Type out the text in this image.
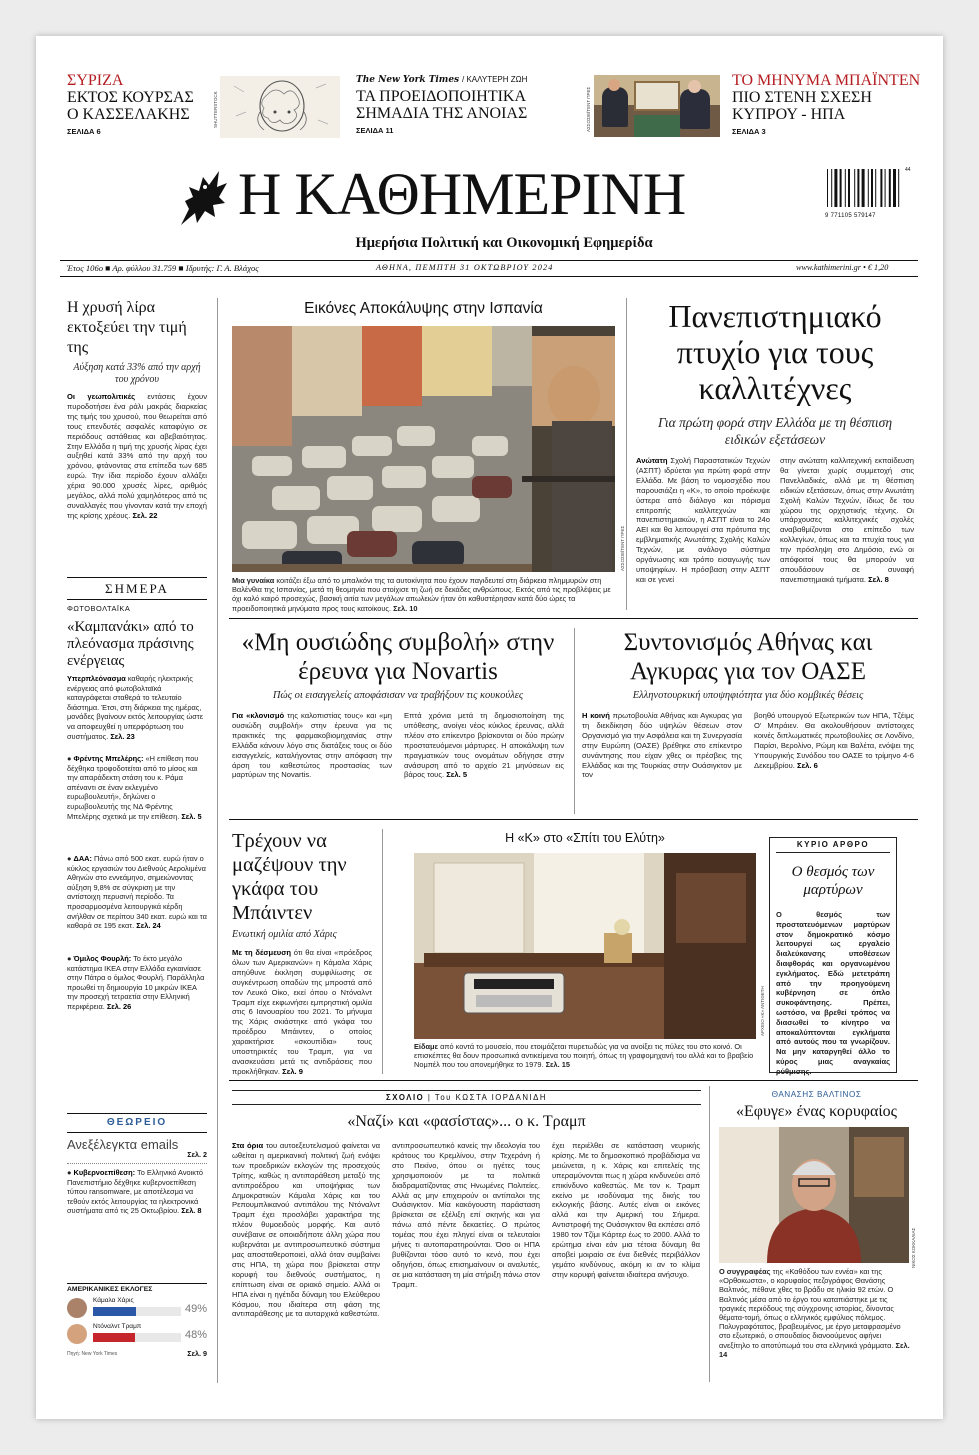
ΣΥΡΙΖΑ
ΕΚΤΟΣ ΚΟΥΡΣΑΣ
Ο ΚΑΣΣΕΛΑΚΗΣ
ΣΕΛΙΔΑ 6
SHUTTERSTOCK
The New York Times / ΚΑΛΥΤΕΡΗ ΖΩΗ
ΤΑ ΠΡΟΕΙΔΟΠΟΙΗΤΙΚΑ
ΣΗΜΑΔΙΑ ΤΗΣ ΑΝΟΙΑΣ
ΣΕΛΙΔΑ 11	ΑΣΣΟΣΙΕΪΤΕΝΤ ΠΡΕΣ
ΤΟ ΜΗΝΥΜΑ ΜΠΑΪΝΤΕΝ
ΠΙΟ ΣΤΕΝΗ ΣΧΕΣΗ
ΚΥΠΡΟΥ - ΗΠΑ
ΣΕΛΙΔΑ 3
Η ΚΑΘΗΜΕΡΙΝΗ
Ημερήσια Πολιτική και Οικονομική Εφημερίδα
44
9 771105 579147
Έτος 106ο ■ Αρ. φύλλου 31.759 ■ Ιδρυτής: Γ. Α. Βλάχος	ΑΘΗΝΑ, ΠΕΜΠΤΗ 31 ΟΚΤΩΒΡΙΟΥ 2024	www.kathimerini.gr • € 1,20
Η χρυσή λίρα εκτοξεύει την τιμή της
Αύξηση κατά 33% από την αρχή του χρόνου
Οι γεωπολιτικές εντάσεις έχουν πυροδοτήσει ένα ράλι μακράς διαρκείας της τιμής του χρυσού, που θεωρείται από τους επενδυτές ασφαλές καταφύγιο σε περιόδους αστάθειας και αβεβαιότητας. Στην Ελλάδα η τιμή της χρυσής λίρας έχει αυξηθεί κατά 33% από την αρχή του χρόνου, φτάνοντας στα επίπεδα των 685 ευρώ. Την ίδια περίοδο έχουν αλλάξει χέρια 90.000 χρυσές λίρες, αριθμός μεγάλος, αλλά πολύ χαμηλότερος από τις συναλλαγές που γίνονταν κατά την εποχή της κρίσης χρέους. Σελ. 22
ΣΗΜΕΡΑ
ΦΩΤΟΒΟΛΤΑΪΚΑ
«Καμπανάκι» από το πλεόνασμα πράσινης ενέργειας
Υπερπλεόνασμα καθαρής ηλεκτρικής ενέργειας από φωτοβολταϊκά καταγράφεται σταθερά το τελευταίο διάστημα. Έτσι, στη διάρκεια της ημέρας, μονάδες βγαίνουν εκτός λειτουργίας ώστε να αποφευχθεί η υπερφόρτωση του συστήματος. Σελ. 23
● Φρέντης Μπελέρης: «Η επίθεση που δέχθηκα τροφοδοτείται από το μίσος και την απαράδεκτη στάση του κ. Ράμα απέναντι σε έναν εκλεγμένο ευρωβουλευτή», δηλώνει ο ευρωβουλευτής της ΝΔ Φρέντης Μπελέρης σχετικά με την επίθεση. Σελ. 5
● ΔΑΑ: Πάνω από 500 εκατ. ευρώ ήταν ο κύκλος εργασιών του Διεθνούς Αερολιμένα Αθηνών στο εννεάμηνο, σημειώνοντας αύξηση 9,8% σε σύγκριση με την αντίστοιχη περυσινή περίοδο. Τα προσαρμοσμένα λειτουργικά κέρδη ανήλθαν σε περίπου 340 εκατ. ευρώ και τα καθαρά σε 195 εκατ. Σελ. 24
● Όμιλος Φουρλή: Το έκτο μεγάλο κατάστημα ΙΚΕΑ στην Ελλάδα εγκαινίασε στην Πάτρα ο όμιλος Φουρλή. Παράλληλα προωθεί τη δημιουργία 10 μικρών ΙΚΕΑ την προσεχή τετραετία στην Ελληνική περιφέρεια. Σελ. 26
ΘΕΩΡΕΙΟ
Ανεξέλεγκτα emails
Σελ. 2
● Κυβερνοεπίθεση: Το Ελληνικό Ανοικτό Πανεπιστήμιο δέχθηκε κυβερνοεπίθεση τύπου ransomware, με αποτέλεσμα να τεθούν εκτός λειτουργίας τα ηλεκτρονικά συστήματα από τις 25 Οκτωβρίου. Σελ. 8
ΑΜΕΡΙΚΑΝΙΚΕΣ ΕΚΛΟΓΕΣ
Κάμαλα Χάρις
49%
Ντόναλντ Τραμπ
48%
Πηγή: New York Times	Σελ. 9
Εικόνες Αποκάλυψης στην Ισπανία
ΑΣΣΟΣΙΕΪΤΕΝΤ ΠΡΕΣ
Μια γυναίκα κοιτάζει έξω από το μπαλκόνι της τα αυτοκίνητα που έχουν παγιδευτεί στη διάρκεια πλημμυρών στη Βαλένθια της Ισπανίας, μετά τη θεομηνία που στοίχισε τη ζωή σε δεκάδες ανθρώπους. Εκτός από τις προβλέψεις με όχι καλό καιρό προσεχώς, βασική αιτία των μεγάλων απωλειών ήταν ότι καθυστέρησαν κατά δύο ώρες τα προειδοποιητικά μηνύματα προς τους κατοίκους. Σελ. 10
Πανεπιστημιακό πτυχίο για τους καλλιτέχνες
Για πρώτη φορά στην Ελλάδα με τη θέσπιση ειδικών εξετάσεων
Ανώτατη Σχολή Παραστατικών Τεχνών (ΑΣΠΤ) ιδρύεται για πρώτη φορά στην Ελλάδα. Με βάση το νομοσχέδιο που παρουσιάζει η «Κ», το οποίο προέκυψε ύστερα από διάλογο και πόρισμα επιτροπής καλλιτεχνών και πανεπιστημιακών, η ΑΣΠΤ είναι το 24ο ΑΕΙ και θα λειτουργεί στα πρότυπα της εμβληματικής Ανωτάτης Σχολής Καλών Τεχνών, με ανάλογο σύστημα οργάνωσης και τρόπο εισαγωγής των υποψηφίων. Η πρόσβαση στην ΑΣΠΤ και σε γενεί
στην ανώτατη καλλιτεχνική εκπαίδευση θα γίνεται χωρίς συμμετοχή στις Πανελλαδικές, αλλά με τη θέσπιση ειδικών εξετάσεων, όπως στην Ανωτάτη Σχολή Καλών Τεχνών, ίδιως δε του χώρου της ορχηστικής τέχνης. Οι υπάρχουσες καλλιτεχνικές σχολές αναβαθμίζονται στο επίπεδο των κολλεγίων, όπως και τα πτυχία τους για την πρόσληψη στο Δημόσιο, ενώ οι απόφοιτοί τους θα μπορούν να σπουδάσουν σε συναφή πανεπιστημιακά τμήματα. Σελ. 8
«Μη ουσιώδης συμβολή» στην έρευνα για Novartis
Πώς οι εισαγγελείς αποφάσισαν να τραβήξουν τις κουκούλες
Για «κλονισμό της καλοπιστίας τους» και «μη ουσιώδη συμβολή» στην έρευνα για τις πρακτικές της φαρμακοβιομηχανίας στην Ελλάδα κάνουν λόγο στις διατάξεις τους οι δύο εισαγγελείς, καταλήγοντας στην απόφαση την άρση του καθεστώτος προστασίας των μαρτύρων της Novartis.
Επτά χρόνια μετά τη δημοσιοποίηση της υπόθεσης, ανοίγει νέος κύκλος έρευνας, αλλά πλέον στο επίκεντρο βρίσκονται οι δύο πρώην προστατευόμενοι μάρτυρες. Η αποκάλυψη των πραγματικών τους ονομάτων οδήγησε στην ανάσυρση από το αρχείο 21 μηνύσεων εις βάρος τους. Σελ. 5
Συντονισμός Αθήνας και Αγκυρας για τον ΟΑΣΕ
Ελληνοτουρκική υποψηφιότητα για δύο κομβικές θέσεις
Η κοινή πρωτοβουλία Αθήνας και Αγκυρας για τη διεκδίκηση δύο υψηλών θέσεων στον Οργανισμό για την Ασφάλεια και τη Συνεργασία στην Ευρώπη (ΟΑΣΕ) βρέθηκε στο επίκεντρο συνάντησης που είχαν χθες οι πρέσβεις της Ελλάδας και της Τουρκίας στην Ουάσιγκτον με τον
βοηθό υπουργού Εξωτερικών των ΗΠΑ, Τζέιμς Ο' Μπράιεν. Θα ακολουθήσουν αντίστοιχες κοινές διπλωματικές πρωτοβουλίες σε Λονδίνο, Παρίσι, Βερολίνο, Ρώμη και Βαλέτα, ενόψει της Υπουργικής Συνόδου του ΟΑΣΕ το τρίμηνο 4-6 Δεκεμβρίου. Σελ. 6
Τρέχουν να μαζέψουν την γκάφα του Μπάιντεν
Ενωτική ομιλία από Χάρις
Με τη δέσμευση ότι θα είναι «πρόεδρος όλων των Αμερικανών» η Κάμαλα Χάρις απηύθυνε έκκληση συμφιλίωσης σε συγκέντρωση οπαδών της μπροστά από τον Λευκό Οίκο, εκεί όπου ο Ντόναλντ Τραμπ είχε εκφωνήσει εμπρηστική ομιλία στις 6 Ιανουαρίου του 2021. Το μήνυμα της Χάρις σκιάστηκε από γκάφα του προέδρου Μπάιντεν, ο οποίος χαρακτήρισε «σκουπίδια» τους υποστηρικτές του Τραμπ, για να ανασκευάσει μετά τις αντιδράσεις που προκλήθηκαν. Σελ. 9
Η «Κ» στο «Σπίτι του Ελύτη»
ΑΡΧΕΙΟ «Κ» ΑΝΤΙΘΕΤΗ
Είδαμε από κοντά το μουσείο, που ετοιμάζεται πυρετωδώς για να ανοίξει τις πύλες του στο κοινό. Οι επισκέπτες θα δουν προσωπικά αντικείμενα του ποιητή, όπως τη γραφομηχανή του αλλά και το βραβείο Νομπέλ που του απονεμήθηκε το 1979. Σελ. 15
ΚΥΡΙΟ ΑΡΘΡΟ
Ο θεσμός των μαρτύρων
Ο θεσμός των προστατευόμενων μαρτύρων στον δημοκρατικό κόσμο λειτουργεί ως εργαλείο διαλεύκανσης υποθέσεων διαφθοράς και οργανωμένου εγκλήματος. Εδώ μετετράπη από την προηγούμενη κυβέρνηση σε όπλο συκοφάντησης. Πρέπει, ωστόσο, να βρεθεί τρόπος να διασωθεί το κίνητρο να αποκαλύπτονται εγκλήματα από αυτούς που τα γνωρίζουν. Να μην καταργηθεί άλλο το κύρος μιας αναγκαίας ρύθμισης.
ΣΧΟΛΙΟ | Του ΚΩΣΤΑ ΙΟΡΔΑΝΙΔΗ
«Ναζί» και «φασίστας»... ο κ. Τραμπ
Στα όρια του αυτοεξευτελισμού φαίνεται να ωθείται η αμερικανική πολιτική ζωή ενόψει των προεδρικών εκλογών της προσεχούς Τρίτης, καθώς η αντιπαράθεση μεταξύ της αντιπροέδρου και υποψήφιας των Δημοκρατικών Κάμαλα Χάρις και του Ρεπουμπλικανού αντιπάλου της Ντόναλντ Τραμπ έχει προσλάβει χαρακτήρα της πλέον θυμοειδούς μορφής. Και αυτό συνέβαινε σε οποιαδήποτε άλλη χώρα που κυβερνάται με αντιπροσωπευτικό σύστημα μας αποσταθεροποιεί, αλλά όταν συμβαίνει στις ΗΠΑ, τη χώρα που βρίσκεται στην κορυφή του διεθνούς συστήματος, η επίπτωση είναι σε οριακό σημείο. Αλλά οι ΗΠΑ είναι η ηγέτιδα δύναμη του Ελεύθερου Κόσμου, που ιδιαίτερα στη φάση της αντιπαράθεσης με τα αυταρχικά καθεστώτα.
αντιπροσωπευτικό κανείς την ιδεολογία του κράτους του Κρεμλίνου, στην Τεχεράνη ή στο Πεκίνο, όπου οι ηγέτες τους χρησιμοποιούν με τα πολιτικά διαδραματίζοντας στις Ηνωμένες Πολιτείες. Αλλά ας μην επιχειρούν οι αντίπαλοι της Ουάσιγκτον. Μία κακόγουστη παράσταση βρίσκεται σε εξέλιξη επί σκηνής και για πάνω από πέντε δεκαετίες. Ο πρώτος τομέας που έχει πληγεί είναι οι τελευταίοι μήνες τι αυτοπαρατηρούνται. Όσο οι ΗΠΑ βυθίζονται τόσο αυτό το κενό, που έχει οδηγήσει, όπως επισημαίνουν οι αναλυτές, σε μια κατάσταση τη μία στήριξη πάνω στον Τραμπ.
έχει περιέλθει σε κατάσταση νευρικής κρίσης. Με το δημοσκοπικό προβάδισμα να μειώνεται, η κ. Χάρις και επιτελείς της υπεραμύνονται πως η χώρα κινδυνεύει από επικίνδυνο καθεστώς. Με τον κ. Τραμπ εκείνο με ισοδύναμα της δικής του εκλογικής βάσης. Αυτές είναι οι εικόνες αλλά και την Αμερική του Σήμερα. Αντιστροφή της Ουάσιγκτον θα εκπέσει από 1980 τον Τζίμι Κάρτερ έως το 2000. Αλλά το ερώτημα είναι εάν μια τέτοια δύναμη θα αποβεί μοιραίο σε ένα διεθνές περιβάλλον γεμάτο κινδύνους, ακόμη κι αν το κλίμα στην κορυφή φαίνεται ιδιαίτερα ανήσυχο.
ΘΑΝΑΣΗΣ ΒΑΛΤΙΝΟΣ
«Εφυγε» ένας κορυφαίος
ΝΙΚΟΣ ΚΟΚΚΑΛΙΑΣ
Ο συγγραφέας της «Καθόδου των εννέα» και της «Ορθοκωστα», ο κορυφαίος πεζογράφος Θανάσης Βαλτινός, πέθανε χθες το βράδυ σε ηλικία 92 ετών. Ο Βαλτινός μέσα από το έργο του καταπιάστηκε με τις τραγικές περιόδους της σύγχρονης ιστορίας, δίνοντας θέματα-τομή, όπως ο ελληνικός εμφύλιος πόλεμος. Πολυγραφότατος, βραβευμένος, με έργο μεταφρασμένο στο εξωτερικό, ο σπουδαίος διανοούμενος αφήνει ανεξίτηλο το αποτύπωμά του στα ελληνικά γράμματα. Σελ. 14
